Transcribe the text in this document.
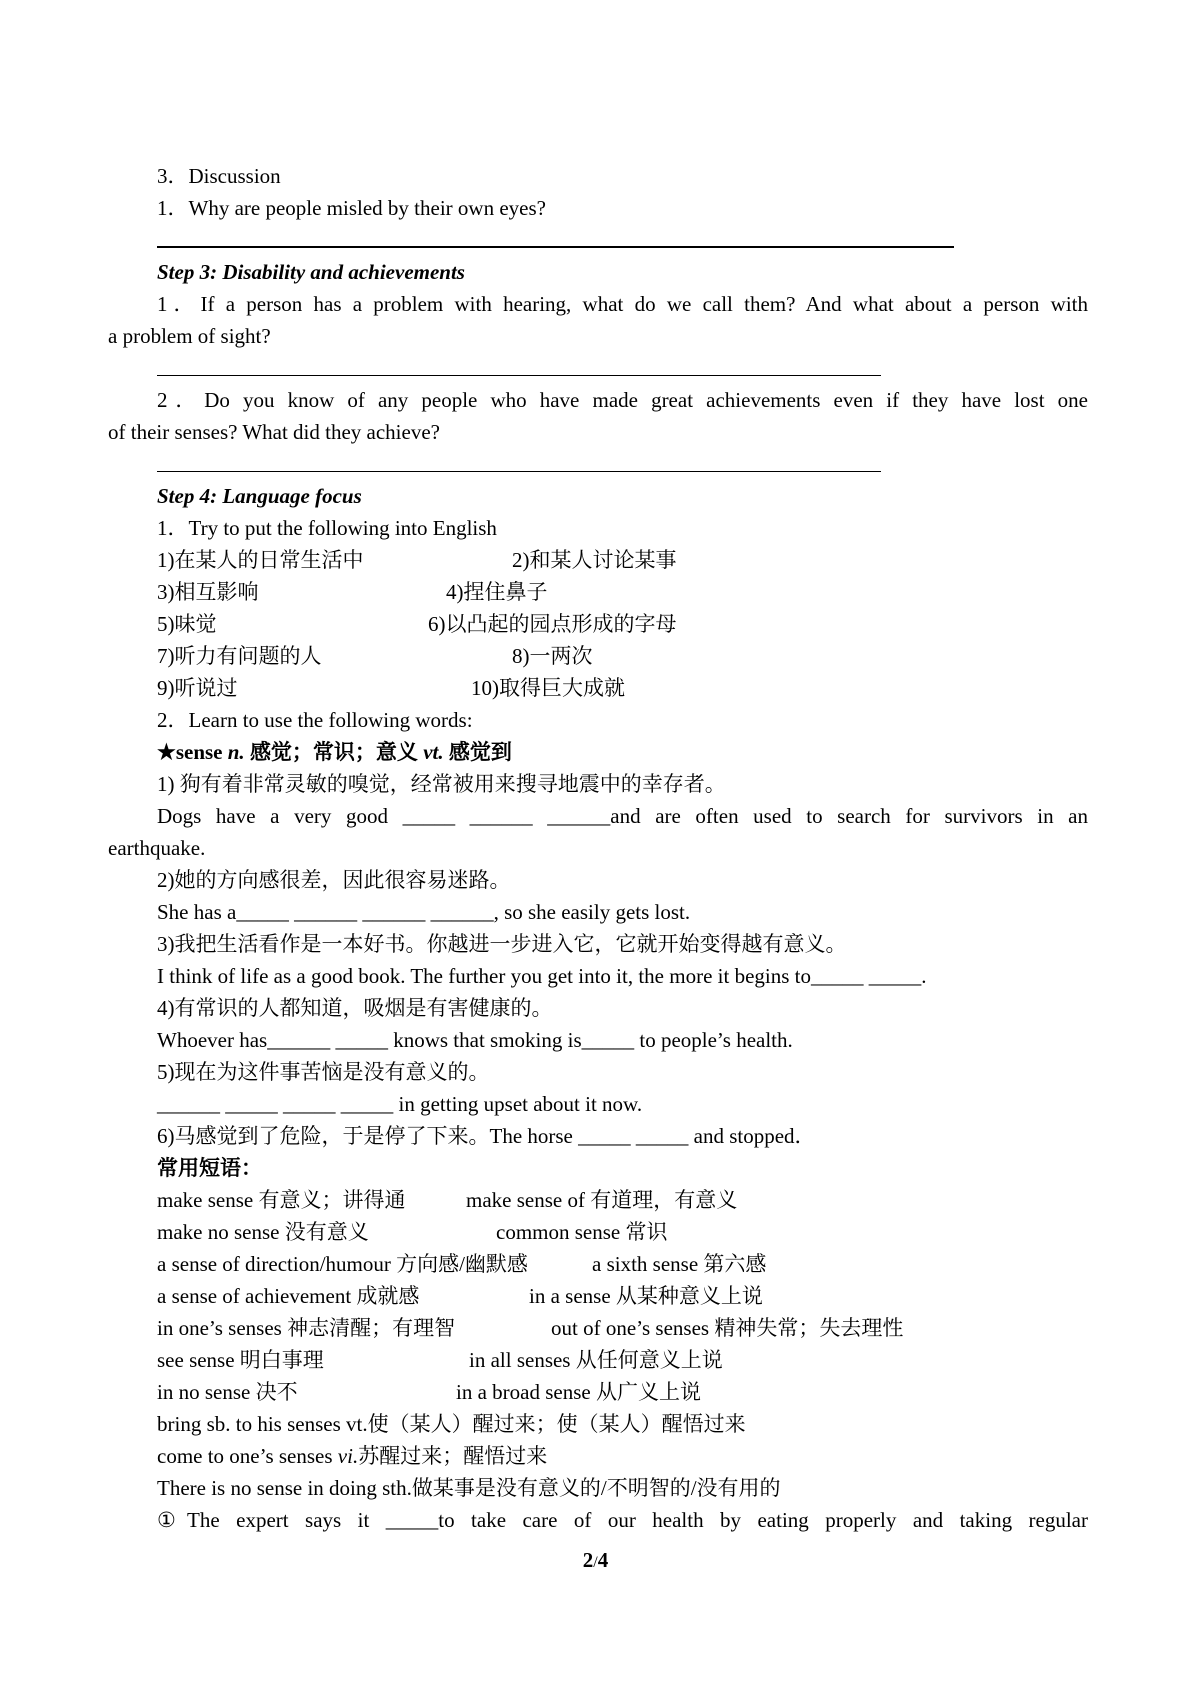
3．Discussion
1．Why are people misled by their own eyes?
Step 3: Disability and achievements
1．If a person has a problem with hearing, what do we call them? And what about a person with
a problem of sight?
2．Do you know of any people who have made great achievements even if they have lost one
of their senses? What did they achieve?
Step 4: Language focus
1．Try to put the following into English
1)在某人的日常生活中	2)和某人讨论某事
3)相互影响	4)捏住鼻子
5)味觉	6)以凸起的园点形成的字母
7)听力有问题的人	8)一两次
9)听说过	10)取得巨大成就
2．Learn to use the following words:
★sense n. 感觉；常识；意义 vt. 感觉到
1) 狗有着非常灵敏的嗅觉，经常被用来搜寻地震中的幸存者。
Dogs have a very good _____ ______ ______and are often used to search for survivors in an
earthquake.
2)她的方向感很差，因此很容易迷路。
She has a_____ ______ ______ ______, so she easily gets lost.
3)我把生活看作是一本好书。你越进一步进入它，它就开始变得越有意义。
I think of life as a good book. The further you get into it, the more it begins to_____ _____.
4)有常识的人都知道，吸烟是有害健康的。
Whoever has______ _____ knows that smoking is_____ to people’s health.
5)现在为这件事苦恼是没有意义的。
______ _____ _____ _____ in getting upset about it now.
6)马感觉到了危险，于是停了下来。The horse _____ _____ and stopped．
常用短语：
make sense 有意义；讲得通	make sense of 有道理，有意义
make no sense 没有意义	common sense 常识
a sense of direction/humour 方向感/幽默感	a sixth sense 第六感
a sense of achievement 成就感	in a sense 从某种意义上说
in one’s senses 神志清醒；有理智	out of one’s senses 精神失常；失去理性
see sense 明白事理	in all senses 从任何意义上说
in no sense 决不	in a broad sense 从广义上说
bring sb. to his senses vt.使（某人）醒过来；使（某人）醒悟过来
come to one’s senses vi.苏醒过来；醒悟过来
There is no sense in doing sth.做某事是没有意义的/不明智的/没有用的
①The expert says it _____to take care of our health by eating properly and taking regular
2/4
